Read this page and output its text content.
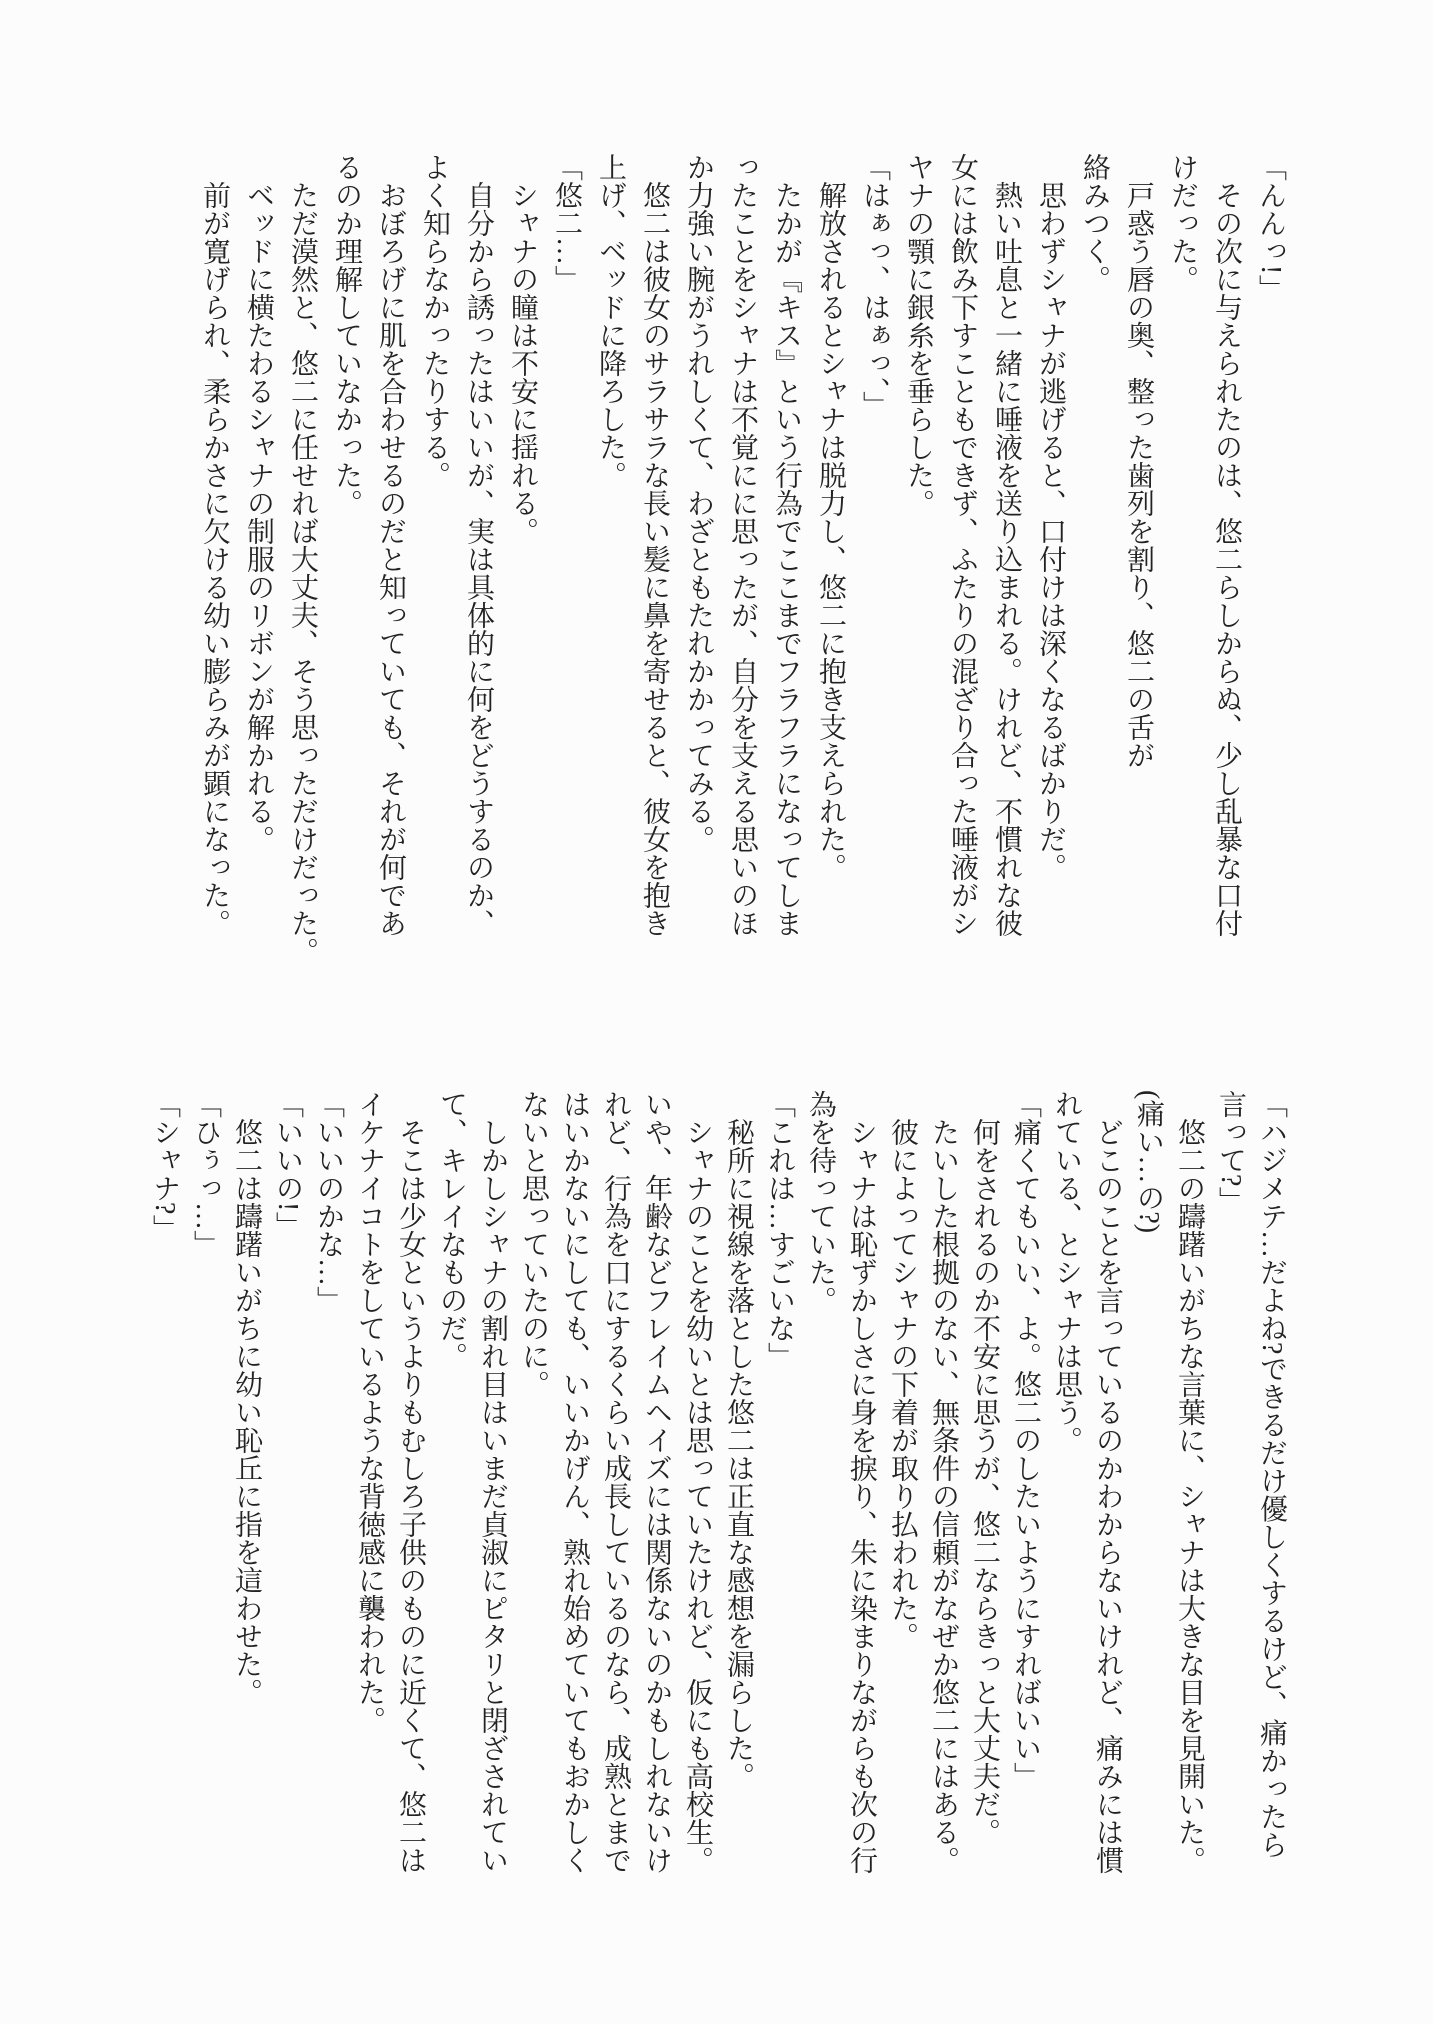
「んんっ!」
その次に与えられたのは、悠二らしからぬ、少し乱暴な口付
けだった。
戸惑う唇の奥、整った歯列を割り、悠二の舌が
絡みつく。
思わずシャナが逃げると、口付けは深くなるばかりだ。
熱い吐息と一緒に唾液を送り込まれる。けれど、不慣れな彼
女には飲み下すこともできず、ふたりの混ざり合った唾液がシ
ヤナの顎に銀糸を垂らした。
「はぁっ、はぁっ、」
解放されるとシャナは脱力し、悠二に抱き支えられた。
たかが『キス』という行為でここまでフラフラになってしま
ったことをシャナは不覚にに思ったが、自分を支える思いのほ
か力強い腕がうれしくて、わざともたれかかってみる。
悠二は彼女のサラサラな長い髪に鼻を寄せると、彼女を抱き
上げ、ベッドに降ろした。
「悠二…」
シャナの瞳は不安に揺れる。
自分から誘ったはいいが、実は具体的に何をどうするのか、
よく知らなかったりする。
おぼろげに肌を合わせるのだと知っていても、それが何であ
るのか理解していなかった。
ただ漠然と、悠二に任せれば大丈夫、そう思っただけだった。
ベッドに横たわるシャナの制服のリボンが解かれる。
前が寛げられ、柔らかさに欠ける幼い膨らみが顕になった。
「ハジメテ…だよね?できるだけ優しくするけど、痛かったら
言って?」
悠二の躊躇いがちな言葉に、シャナは大きな目を見開いた。
(痛い…の?)
どこのことを言っているのかわからないけれど、痛みには慣
れている、とシャナは思う。
「痛くてもいい、よ。悠二のしたいようにすればいい」
何をされるのか不安に思うが、悠二ならきっと大丈夫だ。
たいした根拠のない、無条件の信頼がなぜか悠二にはある。
彼によってシャナの下着が取り払われた。
シャナは恥ずかしさに身を捩り、朱に染まりながらも次の行
為を待っていた。
「これは…すごいな」
秘所に視線を落とした悠二は正直な感想を漏らした。
シャナのことを幼いとは思っていたけれど、仮にも高校生。
いや、年齢などフレイムヘイズには関係ないのかもしれないけ
れど、行為を口にするくらい成長しているのなら、成熟とまで
はいかないにしても、いいかげん、熟れ始めていてもおかしく
ないと思っていたのに。
しかしシャナの割れ目はいまだ貞淑にピタリと閉ざされてい
て、キレイなものだ。
そこは少女というよりもむしろ子供のものに近くて、悠二は
イケナイコトをしているような背徳感に襲われた。
「いいのかな…」
「いいの!」
悠二は躊躇いがちに幼い恥丘に指を這わせた。
「ひぅっ…」
「シャナ?」
